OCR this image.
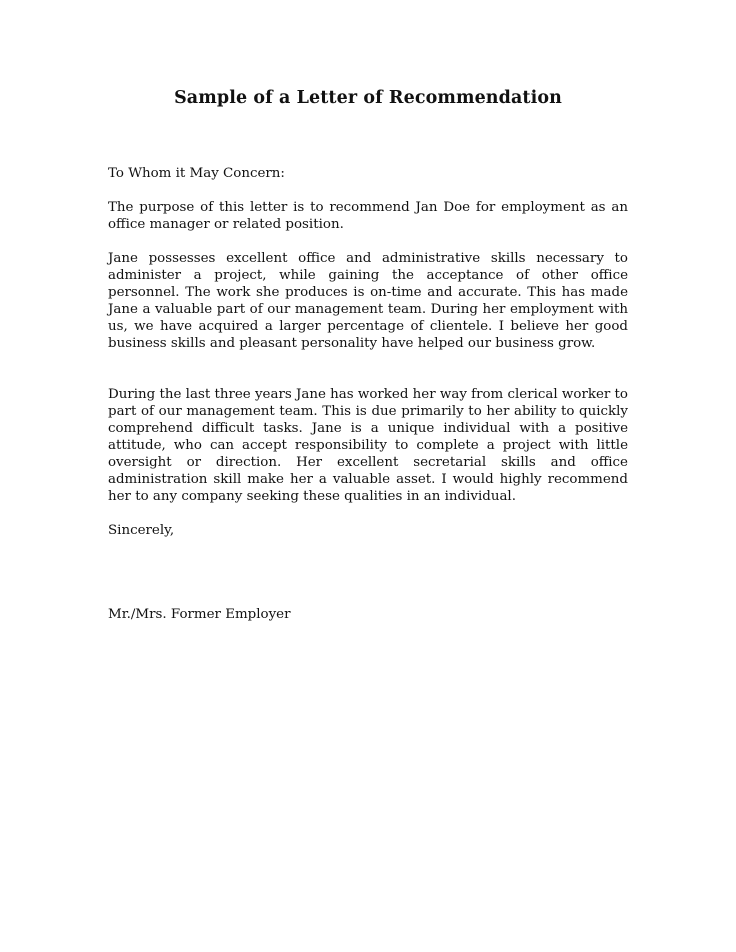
Sample of a Letter of Recommendation

To Whom it May Concern:

The purpose of this letter is to recommend Jan Doe for employment as an office manager or related position.

Jane possesses excellent office and administrative skills necessary to administer a project, while gaining the acceptance of other office personnel. The work she produces is on-time and accurate. This has made Jane a valuable part of our management team. During her employment with us, we have acquired a larger percentage of clientele. I believe her good business skills and pleasant personality have helped our business grow.

During the last three years Jane has worked her way from clerical worker to part of our management team. This is due primarily to her ability to quickly comprehend difficult tasks. Jane is a unique individual with a positive attitude, who can accept responsibility to complete a project with little oversight or direction. Her excellent secretarial skills and office administration skill make her a valuable asset. I would highly recommend her to any company seeking these qualities in an individual.

Sincerely,

Mr./Mrs. Former Employer
